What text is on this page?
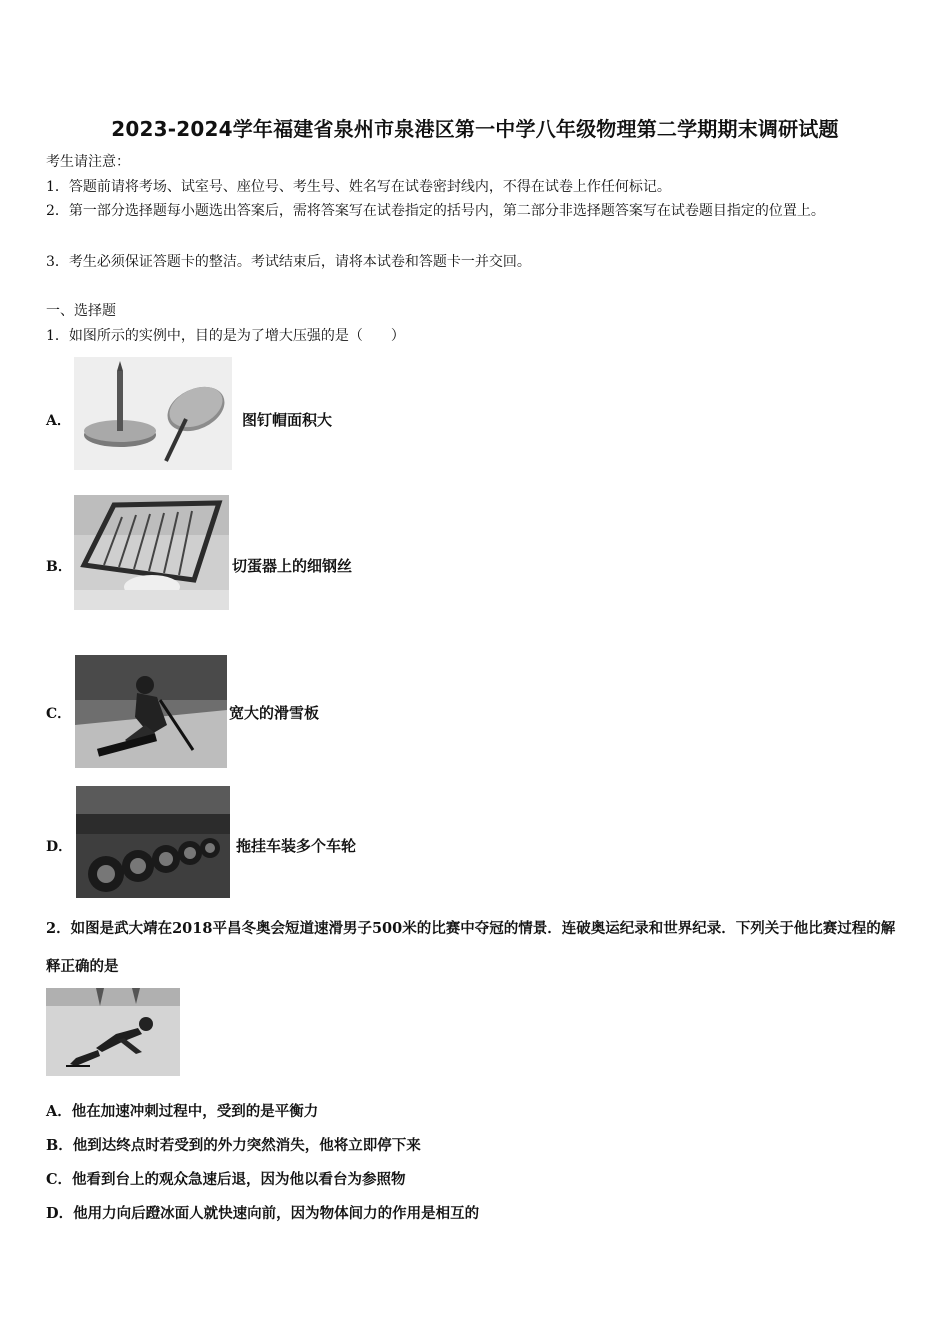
2023-2024学年福建省泉州市泉港区第一中学八年级物理第二学期期末调研试题
考生请注意：
1．答题前请将考场、试室号、座位号、考生号、姓名写在试卷密封线内，不得在试卷上作任何标记。
2．第一部分选择题每小题选出答案后，需将答案写在试卷指定的括号内，第二部分非选择题答案写在试卷题目指定的位置上。
3．考生必须保证答题卡的整洁。考试结束后，请将本试卷和答题卡一并交回。
一、选择题
1．如图所示的实例中，目的是为了增大压强的是（　　）
A．	图钉帽面积大
B．	切蛋器上的细钢丝
C．	宽大的滑雪板
D．	拖挂车装多个车轮
2．如图是武大靖在2018平昌冬奥会短道速滑男子500米的比赛中夺冠的情景．连破奥运纪录和世界纪录．下列关于他比赛过程的解释正确的是
A．他在加速冲刺过程中，受到的是平衡力
B．他到达终点时若受到的外力突然消失，他将立即停下来
C．他看到台上的观众急速后退，因为他以看台为参照物
D．他用力向后蹬冰面人就快速向前，因为物体间力的作用是相互的
